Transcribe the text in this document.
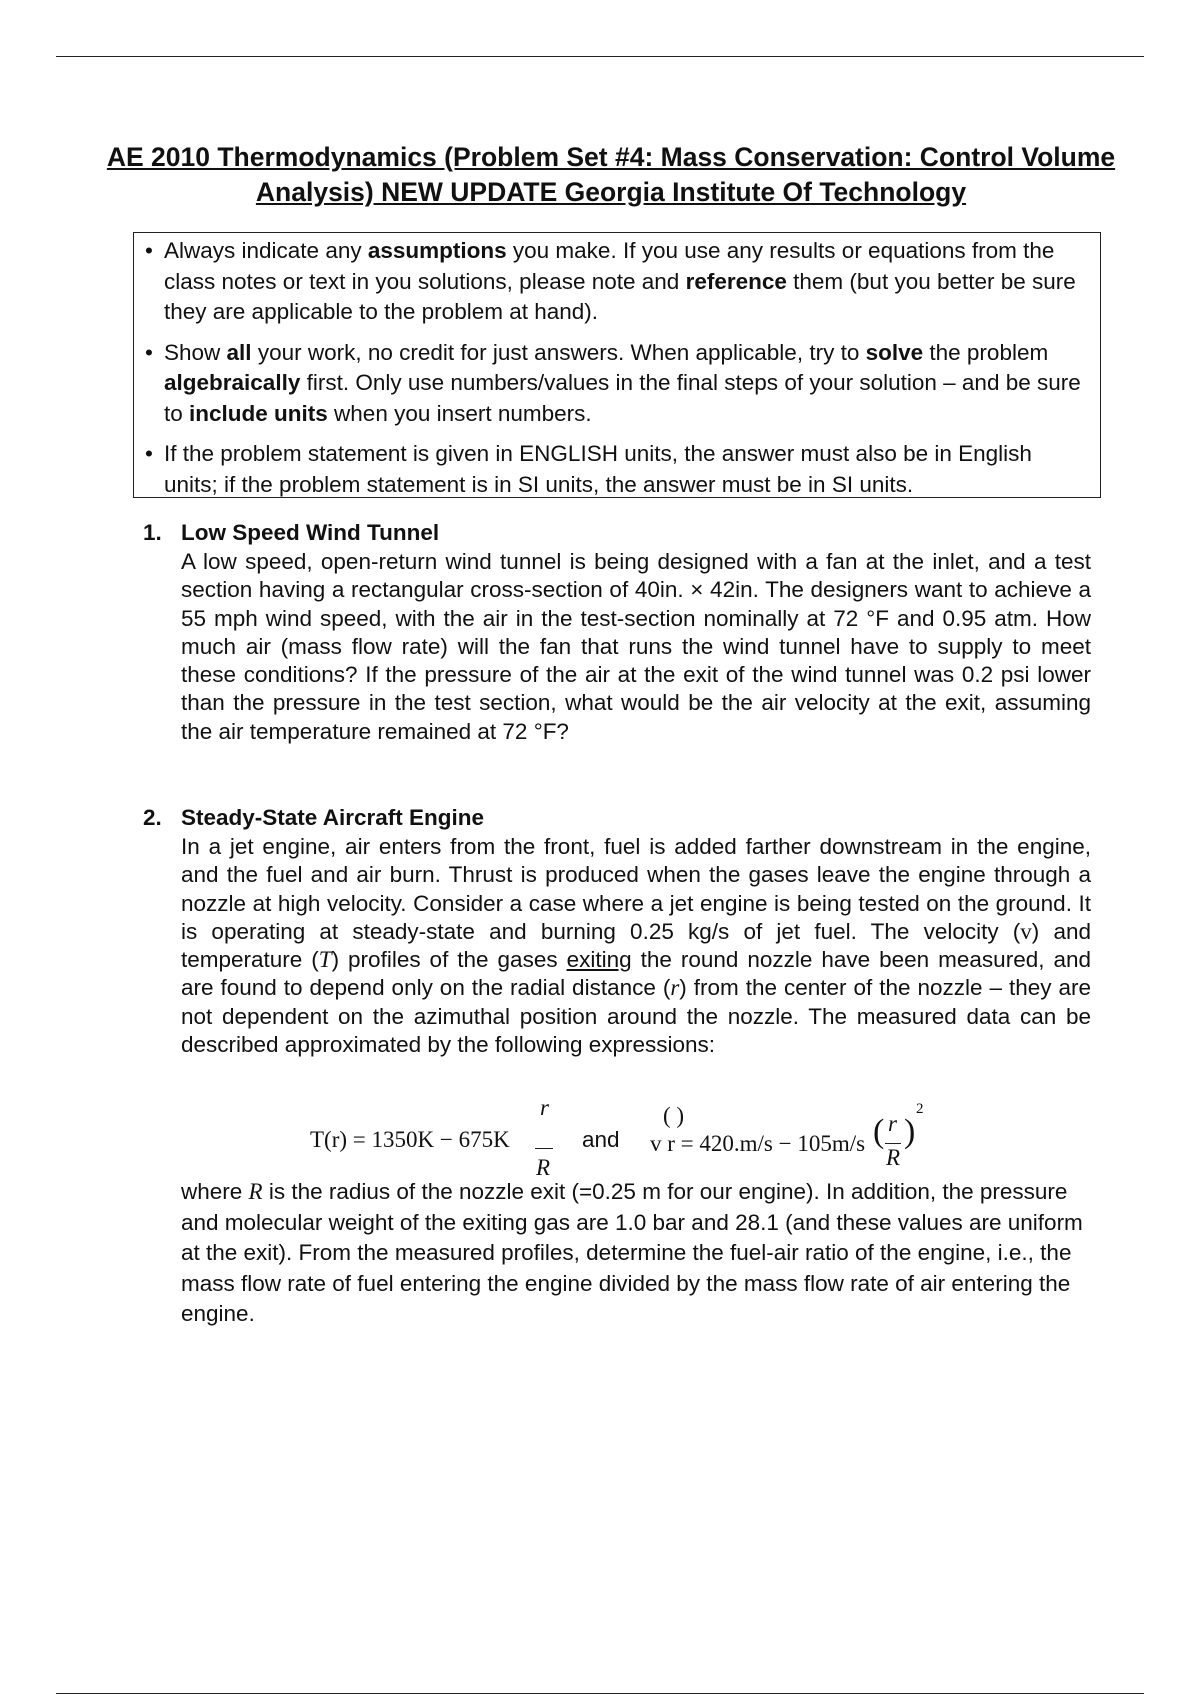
AE 2010 Thermodynamics (Problem Set #4: Mass Conservation: Control Volume
Analysis) NEW UPDATE Georgia Institute Of Technology
• Always indicate any assumptions you make. If you use any results or equations from the class notes or text in you solutions, please note and reference them (but you better be sure they are applicable to the problem at hand).
• Show all your work, no credit for just answers. When applicable, try to solve the problem algebraically first. Only use numbers/values in the final steps of your solution – and be sure to include units when you insert numbers.
• If the problem statement is given in ENGLISH units, the answer must also be in English units; if the problem statement is in SI units, the answer must be in SI units.
1. Low Speed Wind Tunnel
A low speed, open-return wind tunnel is being designed with a fan at the inlet, and a test section having a rectangular cross-section of 40in. × 42in. The designers want to achieve a 55 mph wind speed, with the air in the test-section nominally at 72 °F and 0.95 atm. How much air (mass flow rate) will the fan that runs the wind tunnel have to supply to meet these conditions? If the pressure of the air at the exit of the wind tunnel was 0.2 psi lower than the pressure in the test section, what would be the air velocity at the exit, assuming the air temperature remained at 72 °F?
2. Steady-State Aircraft Engine
In a jet engine, air enters from the front, fuel is added farther downstream in the engine, and the fuel and air burn. Thrust is produced when the gases leave the engine through a nozzle at high velocity. Consider a case where a jet engine is being tested on the ground. It is operating at steady-state and burning 0.25 kg/s of jet fuel. The velocity (v) and temperature (T) profiles of the gases exiting the round nozzle have been measured, and are found to depend only on the radial distance (r) from the center of the nozzle – they are not dependent on the azimuthal position around the nozzle. The measured data can be described approximated by the following expressions:
T(r) = 1350K − 675K
r
R
and
( )
v r = 420.m/s − 105m/s ( r
R
)
2
where R is the radius of the nozzle exit (=0.25 m for our engine). In addition, the pressure and molecular weight of the exiting gas are 1.0 bar and 28.1 (and these values are uniform at the exit). From the measured profiles, determine the fuel-air ratio of the engine, i.e., the mass flow rate of fuel entering the engine divided by the mass flow rate of air entering the engine.
